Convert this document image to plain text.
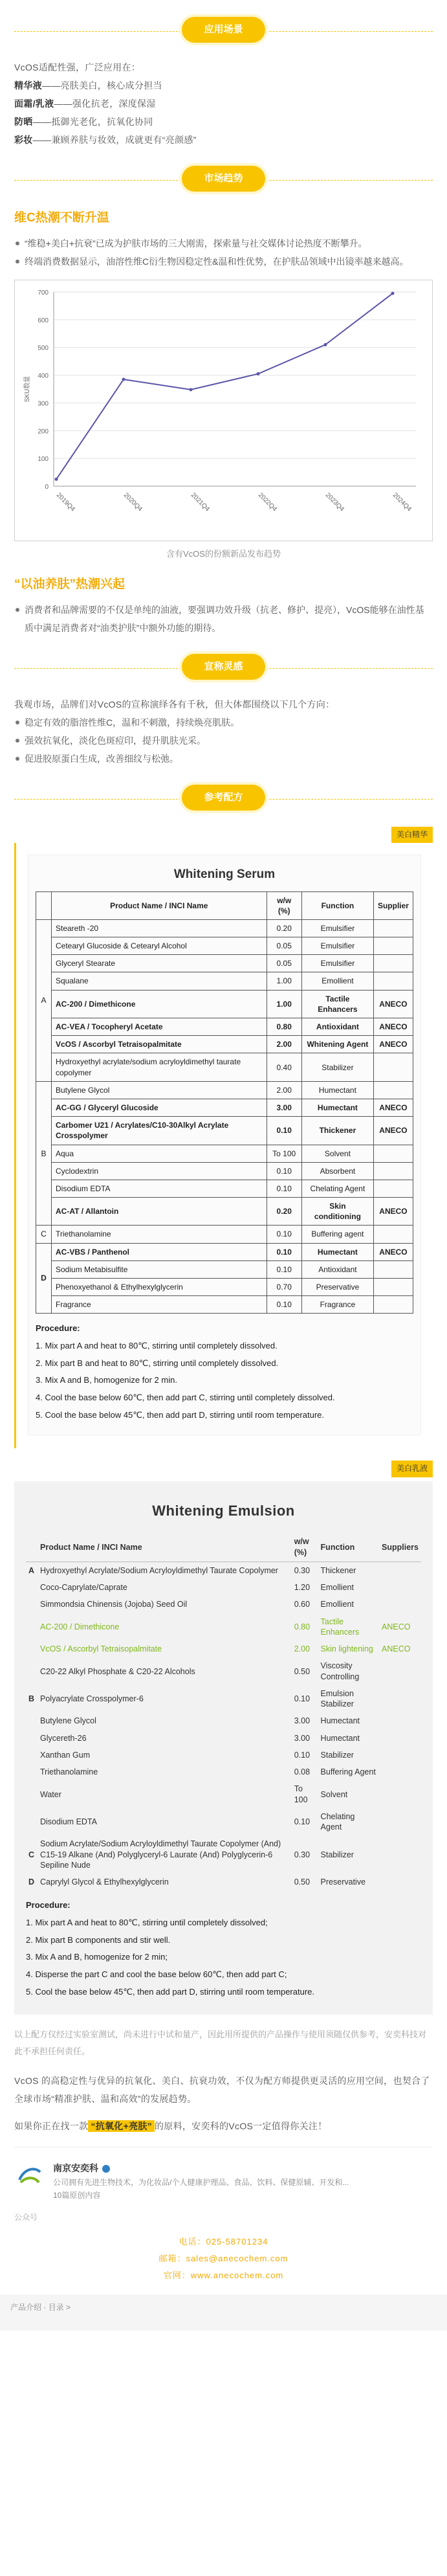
应用场景

VcOS适配性强，广泛应用在：

精华液——亮肤美白，核心成分担当

面霜/乳液——强化抗老，深度保湿

防晒——抵御光老化，抗氧化协同

彩妆——兼顾养肤与妆效，成就更有“亮颜感”

市场趋势
维C热潮不断升温
“维稳+美白+抗衰”已成为护肤市场的三大刚需，探索量与社交媒体讨论热度不断攀升。
终端消费数据显示，油溶性维C衍生物因稳定性&温和性优势，在护肤品领域中出镜率越来越高。
0
100
200
300
400
500
600
700
SKU数量
2019Q4	2020Q4	2021Q4	2022Q4	2023Q4	2024Q4

含有VcOS的份额新品发布趋势

“以油养肤”热潮兴起
消费者和品牌需要的不仅是单纯的油液，要强调功效升级（抗老、修护、提亮），VcOS能够在油性基质中满足消费者对“油类护肤”中额外功能的期待。
宣称灵感

我观市场，品牌们对VcOS的宣称演绎各有千秋，但大体都围绕以下几个方向：

稳定有效的脂溶性维C，温和不刺激，持续焕亮肌肤。
强效抗氧化，淡化色斑痘印，提升肌肤光采。
促进胶原蛋白生成，改善细纹与松弛。
参考配方
美白精华
Whitening Serum
	Product Name / INCI Name	w/w (%)	Function	Supplier
A	Steareth -20	0.20	Emulsifier	
	Cetearyl Glucoside & Cetearyl Alcohol	0.05	Emulsifier	
	Glyceryl Stearate	0.05	Emulsifier	
	Squalane	1.00	Emollient	
	AC-200 / Dimethicone	1.00	Tactile Enhancers	ANECO
	AC-VEA / Tocopheryl Acetate	0.80	Antioxidant	ANECO
	VcOS / Ascorbyl Tetraisopalmitate	2.00	Whitening Agent	ANECO
	Hydroxyethyl acrylate/sodium acryloyldimethyl taurate copolymer	0.40	Stabilizer	
B	Butylene Glycol	2.00	Humectant	
	AC-GG / Glyceryl Glucoside	3.00	Humectant	ANECO
	Carbomer U21 / Acrylates/C10-30Alkyl Acrylate Crosspolymer	0.10	Thickener	ANECO
	Aqua	To 100	Solvent	
	Cyclodextrin	0.10	Absorbent	
	Disodium EDTA	0.10	Chelating Agent	
	AC-AT / Allantoin	0.20	Skin conditioning	ANECO
C	Triethanolamine	0.10	Buffering agent	
D	AC-VBS / Panthenol	0.10	Humectant	ANECO
	Sodium Metabisulfite	0.10	Antioxidant	
	Phenoxyethanol & Ethylhexylglycerin	0.70	Preservative	
	Fragrance	0.10	Fragrance	
Procedure:
1. Mix part A and heat to 80℃, stirring until completely dissolved.
2. Mix part B and heat to 80℃, stirring until completely dissolved.
3. Mix A and B, homogenize for 2 min.
4. Cool the base below 60℃, then add part C, stirring until completely dissolved.
5. Cool the base below 45℃, then add part D, stirring until room temperature.
美白乳液
Whitening Emulsion
	Product Name / INCI Name	w/w (%)	Function	Suppliers
A	Hydroxyethyl Acrylate/Sodium Acryloyldimethyl Taurate Copolymer	0.30	Thickener	
	Coco-Caprylate/Caprate	1.20	Emollient	
	Simmondsia Chinensis (Jojoba) Seed Oil	0.60	Emollient	
	AC-200 / Dimethicone	0.80	Tactile Enhancers	ANECO
	VcOS / Ascorbyl Tetraisopalmitate	2.00	Skin lightening	ANECO
	C20-22 Alkyl Phosphate & C20-22 Alcohols	0.50	Viscosity Controlling	
B	Polyacrylate Crosspolymer-6	0.10	Emulsion Stabilizer	
	Butylene Glycol	3.00	Humectant	
	Glycereth-26	3.00	Humectant	
	Xanthan Gum	0.10	Stabilizer	
	Triethanolamine	0.08	Buffering Agent	
	Water	To 100	Solvent	
	Disodium EDTA	0.10	Chelating Agent	
C	Sodium Acrylate/Sodium Acryloyldimethyl Taurate Copolymer (And) C15-19 Alkane (And) Polyglyceryl-6 Laurate (And) Polyglycerin-6 Sepiline Nude	0.30	Stabilizer	
D	Caprylyl Glycol & Ethylhexylglycerin	0.50	Preservative	
Procedure:
1. Mix part A and heat to 80℃, stirring until completely dissolved;
2. Mix part B components and stir well.
3. Mix A and B, homogenize for 2 min;
4. Disperse the part C and cool the base below 60℃, then add part C;
5. Cool the base below 45℃, then add part D, stirring until room temperature.

以上配方仅经过实验室测试，尚未进行中试和量产，因此用所提供的产品操作与使用须随仅供参考，安奕科技对此不承担任何责任。

VcOS 的高稳定性与优异的抗氧化、美白、抗衰功效，不仅为配方师提供更灵活的应用空间，也契合了全球市场“精准护肤、温和高效”的发展趋势。

如果你正在找一款 “抗氧化+亮肤” 的原料，安奕科的VcOS一定值得你关注！

南京安奕科
公司拥有先进生物技术，为化妆品/个人健康护理品、食品、饮料、保健原辅、开发和...
10篇原创内容
公众号
电话：025-58701234
邮箱：sales@anecochem.com
官网：www.anecochem.com
产品介绍 · 目录 >
